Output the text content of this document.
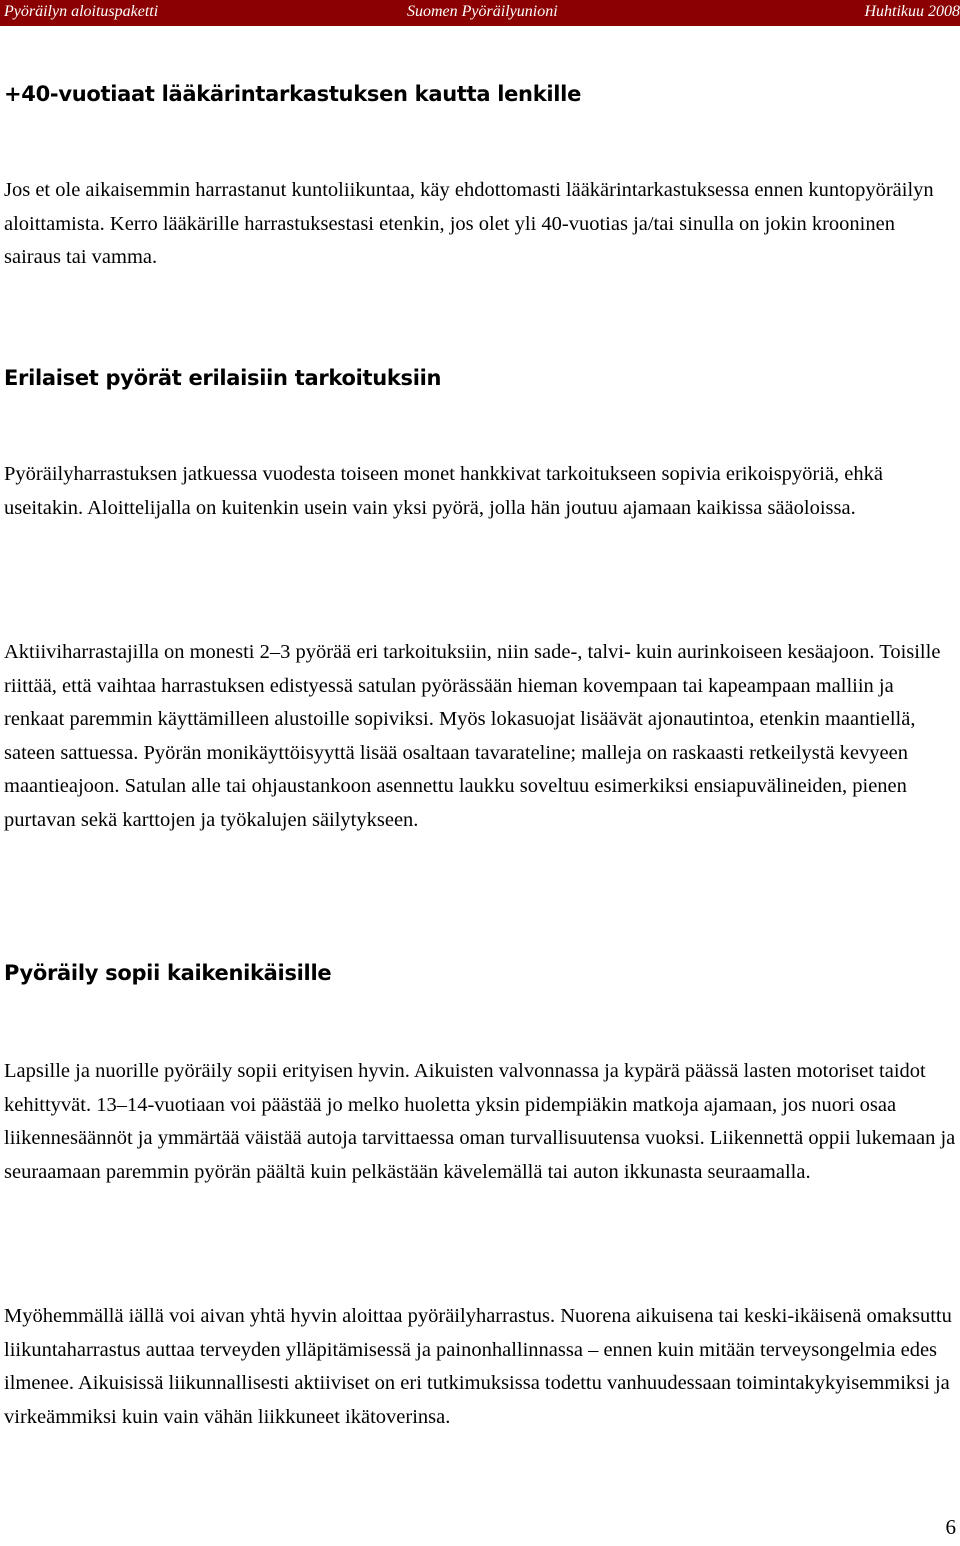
Pyöräilyn aloituspaketti	Suomen Pyöräilyunioni	Huhtikuu 2008
+40-vuotiaat lääkärintarkastuksen kautta lenkille

Jos et ole aikaisemmin harrastanut kuntoliikuntaa, käy ehdottomasti lääkärintarkastuksessa ennen kuntopyöräilyn aloittamista. Kerro lääkärille harrastuksestasi etenkin, jos olet yli 40-vuotias ja/tai sinulla on jokin krooninen sairaus tai vamma.

Erilaiset pyörät erilaisiin tarkoituksiin

Pyöräilyharrastuksen jatkuessa vuodesta toiseen monet hankkivat tarkoitukseen sopivia erikoispyöriä, ehkä useitakin. Aloittelijalla on kuitenkin usein vain yksi pyörä, jolla hän joutuu ajamaan kaikissa sääoloissa.

Aktiiviharrastajilla on monesti 2–3 pyörää eri tarkoituksiin, niin sade-, talvi- kuin aurinkoiseen kesäajoon. Toisille riittää, että vaihtaa harrastuksen edistyessä satulan pyörässään hieman kovempaan tai kapeampaan malliin ja renkaat paremmin käyttämilleen alustoille sopiviksi. Myös lokasuojat lisäävät ajonautintoa, etenkin maantiellä, sateen sattuessa. Pyörän monikäyttöisyyttä lisää osaltaan tavarateline; malleja on raskaasti retkeilystä kevyeen maantieajoon. Satulan alle tai ohjaustankoon asennettu laukku soveltuu esimerkiksi ensiapuvälineiden, pienen purtavan sekä karttojen ja työkalujen säilytykseen.

Pyöräily sopii kaikenikäisille

Lapsille ja nuorille pyöräily sopii erityisen hyvin. Aikuisten valvonnassa ja kypärä päässä lasten motoriset taidot kehittyvät. 13–14-vuotiaan voi päästää jo melko huoletta yksin pidempiäkin matkoja ajamaan, jos nuori osaa liikennesäännöt ja ymmärtää väistää autoja tarvittaessa oman turvallisuutensa vuoksi. Liikennettä oppii lukemaan ja seuraamaan paremmin pyörän päältä kuin pelkästään kävelemällä tai auton ikkunasta seuraamalla.

Myöhemmällä iällä voi aivan yhtä hyvin aloittaa pyöräilyharrastus. Nuorena aikuisena tai keski-ikäisenä omaksuttu liikuntaharrastus auttaa terveyden ylläpitämisessä ja painonhallinnassa – ennen kuin mitään terveysongelmia edes ilmenee. Aikuisissä liikunnallisesti aktiiviset on eri tutkimuksissa todettu vanhuudessaan toimintakykyisemmiksi ja virkeämmiksi kuin vain vähän liikkuneet ikätoverinsa.

6
